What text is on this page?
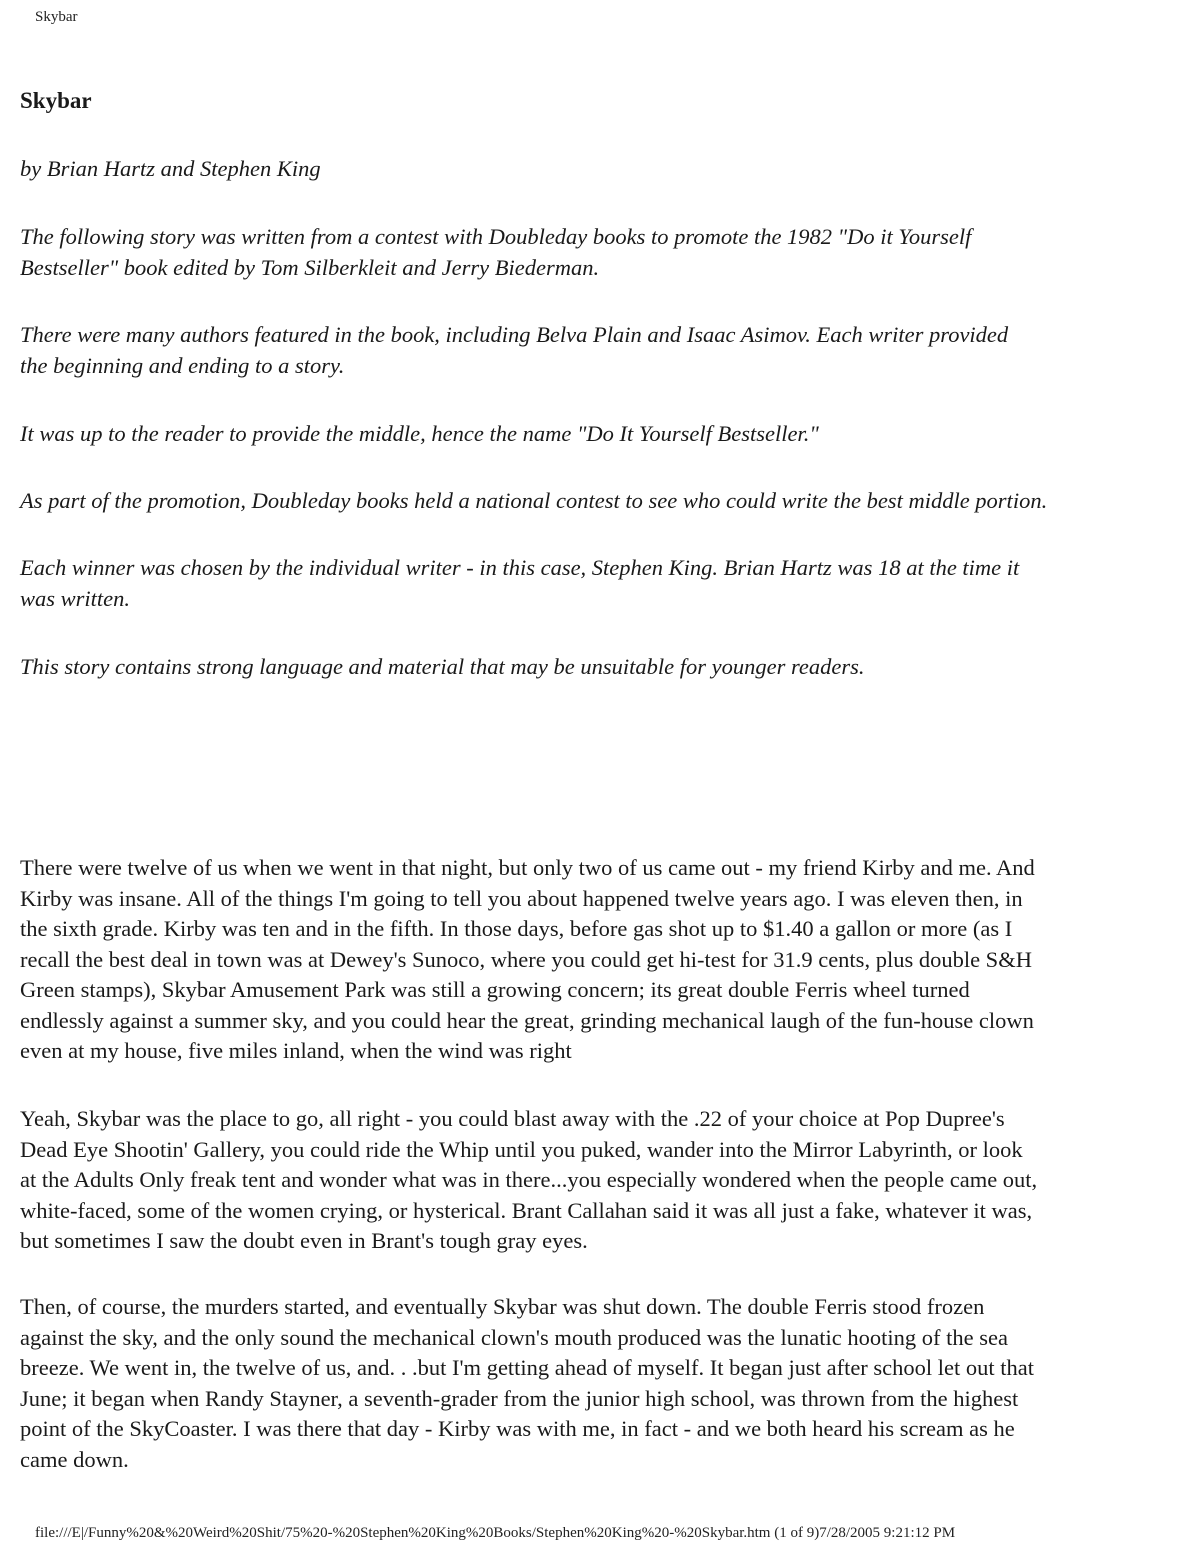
Skybar
Skybar

by Brian Hartz and Stephen King

The following story was written from a contest with Doubleday books to promote the 1982 "Do it Yourself
Bestseller" book edited by Tom Silberkleit and Jerry Biederman.

There were many authors featured in the book, including Belva Plain and Isaac Asimov. Each writer provided
the beginning and ending to a story.

It was up to the reader to provide the middle, hence the name "Do It Yourself Bestseller."

As part of the promotion, Doubleday books held a national contest to see who could write the best middle portion.

Each winner was chosen by the individual writer - in this case, Stephen King. Brian Hartz was 18 at the time it
was written.

This story contains strong language and material that may be unsuitable for younger readers.

There were twelve of us when we went in that night, but only two of us came out - my friend Kirby and me. And
Kirby was insane. All of the things I'm going to tell you about happened twelve years ago. I was eleven then, in
the sixth grade. Kirby was ten and in the fifth. In those days, before gas shot up to $1.40 a gallon or more (as I
recall the best deal in town was at Dewey's Sunoco, where you could get hi-test for 31.9 cents, plus double S&H
Green stamps), Skybar Amusement Park was still a growing concern; its great double Ferris wheel turned
endlessly against a summer sky, and you could hear the great, grinding mechanical laugh of the fun-house clown
even at my house, five miles inland, when the wind was right

Yeah, Skybar was the place to go, all right - you could blast away with the .22 of your choice at Pop Dupree's
Dead Eye Shootin' Gallery, you could ride the Whip until you puked, wander into the Mirror Labyrinth, or look
at the Adults Only freak tent and wonder what was in there...you especially wondered when the people came out,
white-faced, some of the women crying, or hysterical. Brant Callahan said it was all just a fake, whatever it was,
but sometimes I saw the doubt even in Brant's tough gray eyes.

Then, of course, the murders started, and eventually Skybar was shut down. The double Ferris stood frozen
against the sky, and the only sound the mechanical clown's mouth produced was the lunatic hooting of the sea
breeze. We went in, the twelve of us, and. . .but I'm getting ahead of myself. It began just after school let out that
June; it began when Randy Stayner, a seventh-grader from the junior high school, was thrown from the highest
point of the SkyCoaster. I was there that day - Kirby was with me, in fact - and we both heard his scream as he
came down.

file:///E|/Funny%20&%20Weird%20Shit/75%20-%20Stephen%20King%20Books/Stephen%20King%20-%20Skybar.htm (1 of 9)7/28/2005 9:21:12 PM
